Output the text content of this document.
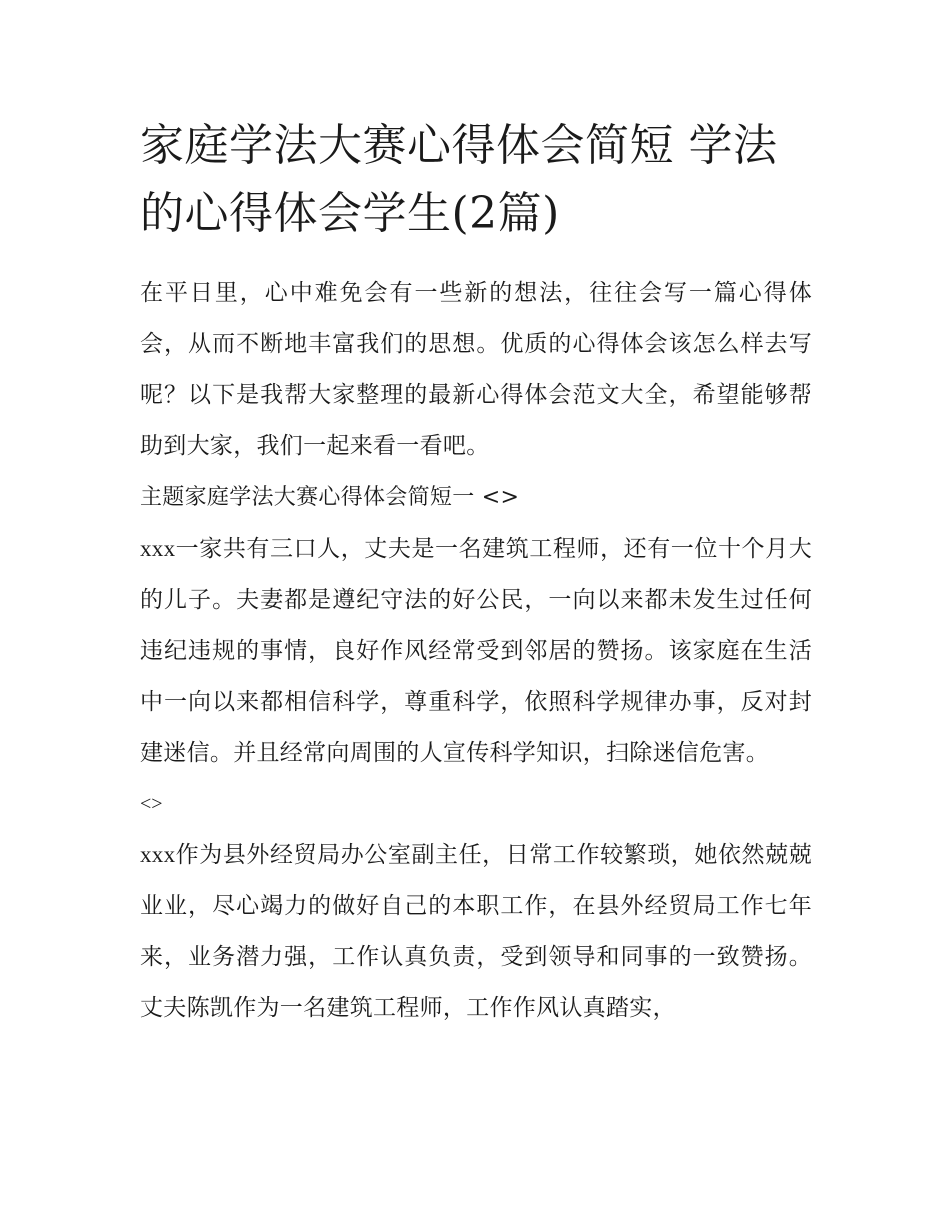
家庭学法大赛心得体会简短 学法的心得体会学生(2篇)

在平日里，心中难免会有一些新的想法，往往会写一篇心得体会，从而不断地丰富我们的思想。优质的心得体会该怎么样去写呢？以下是我帮大家整理的最新心得体会范文大全，希望能够帮助到大家，我们一起来看一看吧。

主题家庭学法大赛心得体会简短一 <>

xxx一家共有三口人，丈夫是一名建筑工程师，还有一位十个月大的儿子。夫妻都是遵纪守法的好公民，一向以来都未发生过任何违纪违规的事情，良好作风经常受到邻居的赞扬。该家庭在生活中一向以来都相信科学，尊重科学，依照科学规律办事，反对封建迷信。并且经常向周围的人宣传科学知识，扫除迷信危害。

<>

xxx作为县外经贸局办公室副主任，日常工作较繁琐，她依然兢兢业业，尽心竭力的做好自己的本职工作，在县外经贸局工作七年来，业务潜力强，工作认真负责，受到领导和同事的一致赞扬。丈夫陈凯作为一名建筑工程师，工作作风认真踏实，
